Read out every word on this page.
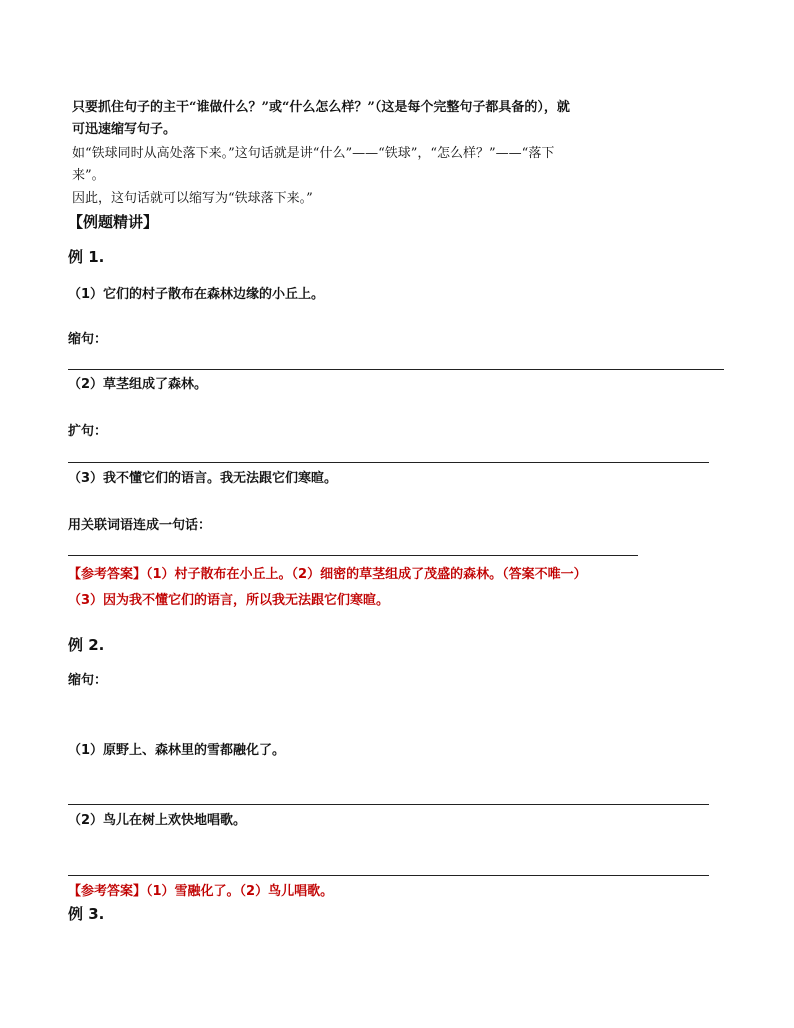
只要抓住句子的主干“谁做什么？”或“什么怎么样？”（这是每个完整句子都具备的），就
可迅速缩写句子。
如“铁球同时从高处落下来。”这句话就是讲“什么”——“铁球”，“怎么样？”——“落下
来”。
因此，这句话就可以缩写为“铁球落下来。”
【例题精讲】
例 1.
（1）它们的村子散布在森林边缘的小丘上。
缩句：
（2）草茎组成了森林。
扩句：
（3）我不懂它们的语言。我无法跟它们寒暄。
用关联词语连成一句话：
【参考答案】（1）村子散布在小丘上。（2）细密的草茎组成了茂盛的森林。（答案不唯一）
（3）因为我不懂它们的语言，所以我无法跟它们寒暄。
例 2.
缩句：
（1）原野上、森林里的雪都融化了。
（2）鸟儿在树上欢快地唱歌。
【参考答案】（1）雪融化了。（2）鸟儿唱歌。
例 3.
